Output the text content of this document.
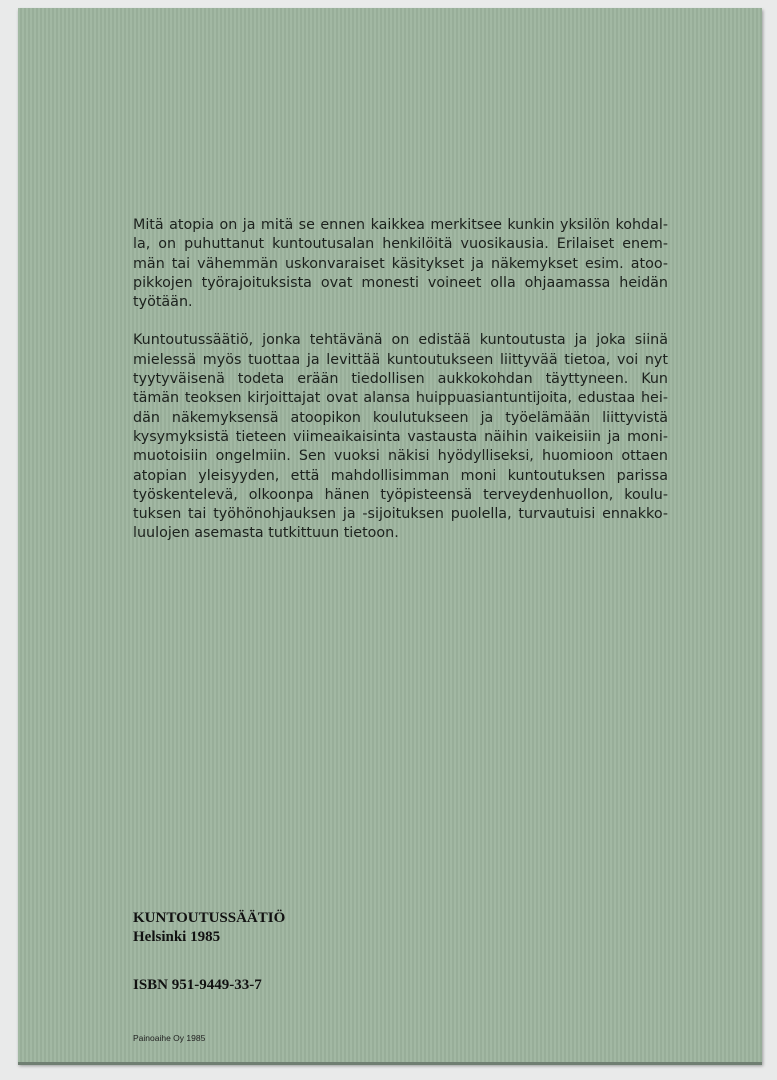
Mitä atopia on ja mitä se ennen kaikkea merkitsee kunkin yksilön kohdal-
la, on puhuttanut kuntoutusalan henkilöitä vuosikausia. Erilaiset enem-
män tai vähemmän uskonvaraiset käsitykset ja näkemykset esim. atoo-
pikkojen työrajoituksista ovat monesti voineet olla ohjaamassa heidän
työtään.
Kuntoutussäätiö, jonka tehtävänä on edistää kuntoutusta ja joka siinä
mielessä myös tuottaa ja levittää kuntoutukseen liittyvää tietoa, voi nyt
tyytyväisenä todeta erään tiedollisen aukkokohdan täyttyneen. Kun
tämän teoksen kirjoittajat ovat alansa huippuasiantuntijoita, edustaa hei-
dän näkemyksensä atoopikon koulutukseen ja työelämään liittyvistä
kysymyksistä tieteen viimeaikaisinta vastausta näihin vaikeisiin ja moni-
muotoisiin ongelmiin. Sen vuoksi näkisi hyödylliseksi, huomioon ottaen
atopian yleisyyden, että mahdollisimman moni kuntoutuksen parissa
työskentelevä, olkoonpa hänen työpisteensä terveydenhuollon, koulu-
tuksen tai työhönohjauksen ja -sijoituksen puolella, turvautuisi ennakko-
luulojen asemasta tutkittuun tietoon.
KUNTOUTUSSÄÄTIÖ
Helsinki 1985
ISBN 951-9449-33-7
Painoaihe Oy 1985
